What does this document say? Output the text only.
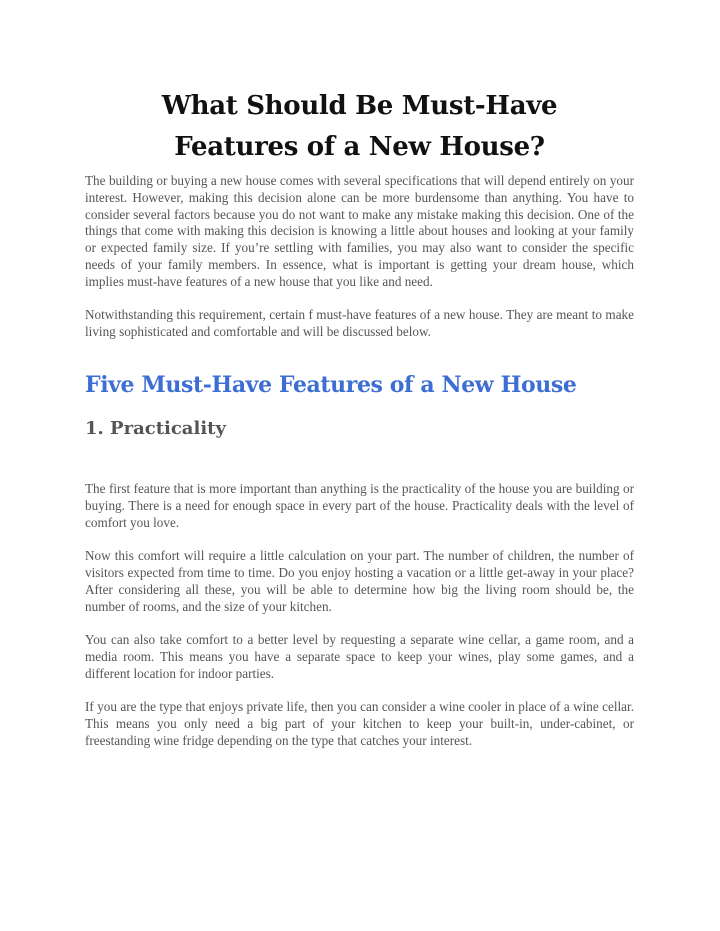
What Should Be Must-Have
Features of a New House?

The building or buying a new house comes with several specifications that will depend entirely on your interest. However, making this decision alone can be more burdensome than anything. You have to consider several factors because you do not want to make any mistake making this decision. One of the things that come with making this decision is knowing a little about houses and looking at your family or expected family size. If you’re settling with families, you may also want to consider the specific needs of your family members. In essence, what is important is getting your dream house, which implies must-have features of a new house that you like and need.

Notwithstanding this requirement, certain f must-have features of a new house. They are meant to make living sophisticated and comfortable and will be discussed below.

Five Must-Have Features of a New House
1. Practicality

The first feature that is more important than anything is the practicality of the house you are building or buying. There is a need for enough space in every part of the house. Practicality deals with the level of comfort you love.

Now this comfort will require a little calculation on your part. The number of children, the number of visitors expected from time to time. Do you enjoy hosting a vacation or a little get-away in your place? After considering all these, you will be able to determine how big the living room should be, the number of rooms, and the size of your kitchen.

You can also take comfort to a better level by requesting a separate wine cellar, a game room, and a media room. This means you have a separate space to keep your wines, play some games, and a different location for indoor parties.

If you are the type that enjoys private life, then you can consider a wine cooler in place of a wine cellar. This means you only need a big part of your kitchen to keep your built-in, under-cabinet, or freestanding wine fridge depending on the type that catches your interest.
